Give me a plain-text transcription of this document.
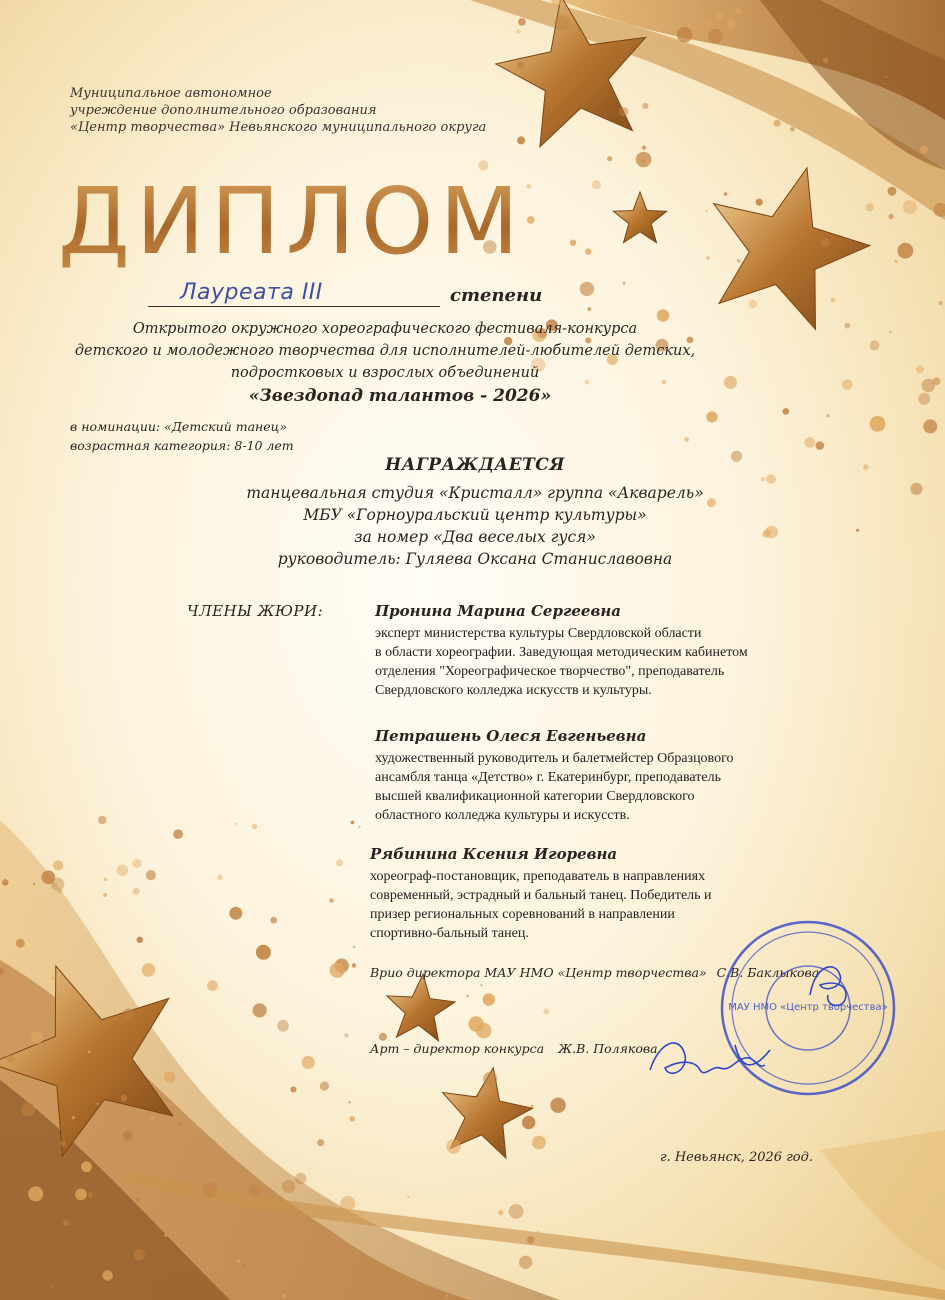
Муниципальное автономное
учреждение дополнительного образования
«Центр творчества» Невьянского муниципального округа
ДИПЛОМ
Лауреата III	степени
Открытого окружного хореографического фестиваля-конкурса
детского и молодежного творчества для исполнителей-любителей детских,
подростковых и взрослых объединений
«Звездопад талантов - 2026»
в номинации: «Детский танец»
возрастная категория: 8-10 лет
НАГРАЖДАЕТСЯ
танцевальная студия «Кристалл» группа «Акварель»
МБУ «Горноуральский центр культуры»
за номер «Два веселых гуся»
руководитель: Гуляева Оксана Станиславовна
ЧЛЕНЫ ЖЮРИ:	Пронина Марина Сергеевна
эксперт министерства культуры Свердловской области
в области хореографии. Заведующая методическим кабинетом
отделения "Хореографическое творчество", преподаватель
Свердловского колледжа искусств и культуры.
Петрашень Олеся Евгеньевна
художественный руководитель и балетмейстер Образцового
ансамбля танца «Детство» г. Екатеринбург, преподаватель
высшей квалификационной категории Свердловского
областного колледжа культуры и искусств.
Рябинина Ксения Игоревна
хореограф-постановщик, преподаватель в направлениях
современный, эстрадный и бальный танец. Победитель и
призер региональных соревнований в направлении
спортивно-бальный танец.
Врио директора МАУ НМО «Центр творчества» С.В. Баклыкова
Арт – директор конкурса Ж.В. Полякова
МАУ НМО «Центр творчества»
г. Невьянск, 2026 год.
